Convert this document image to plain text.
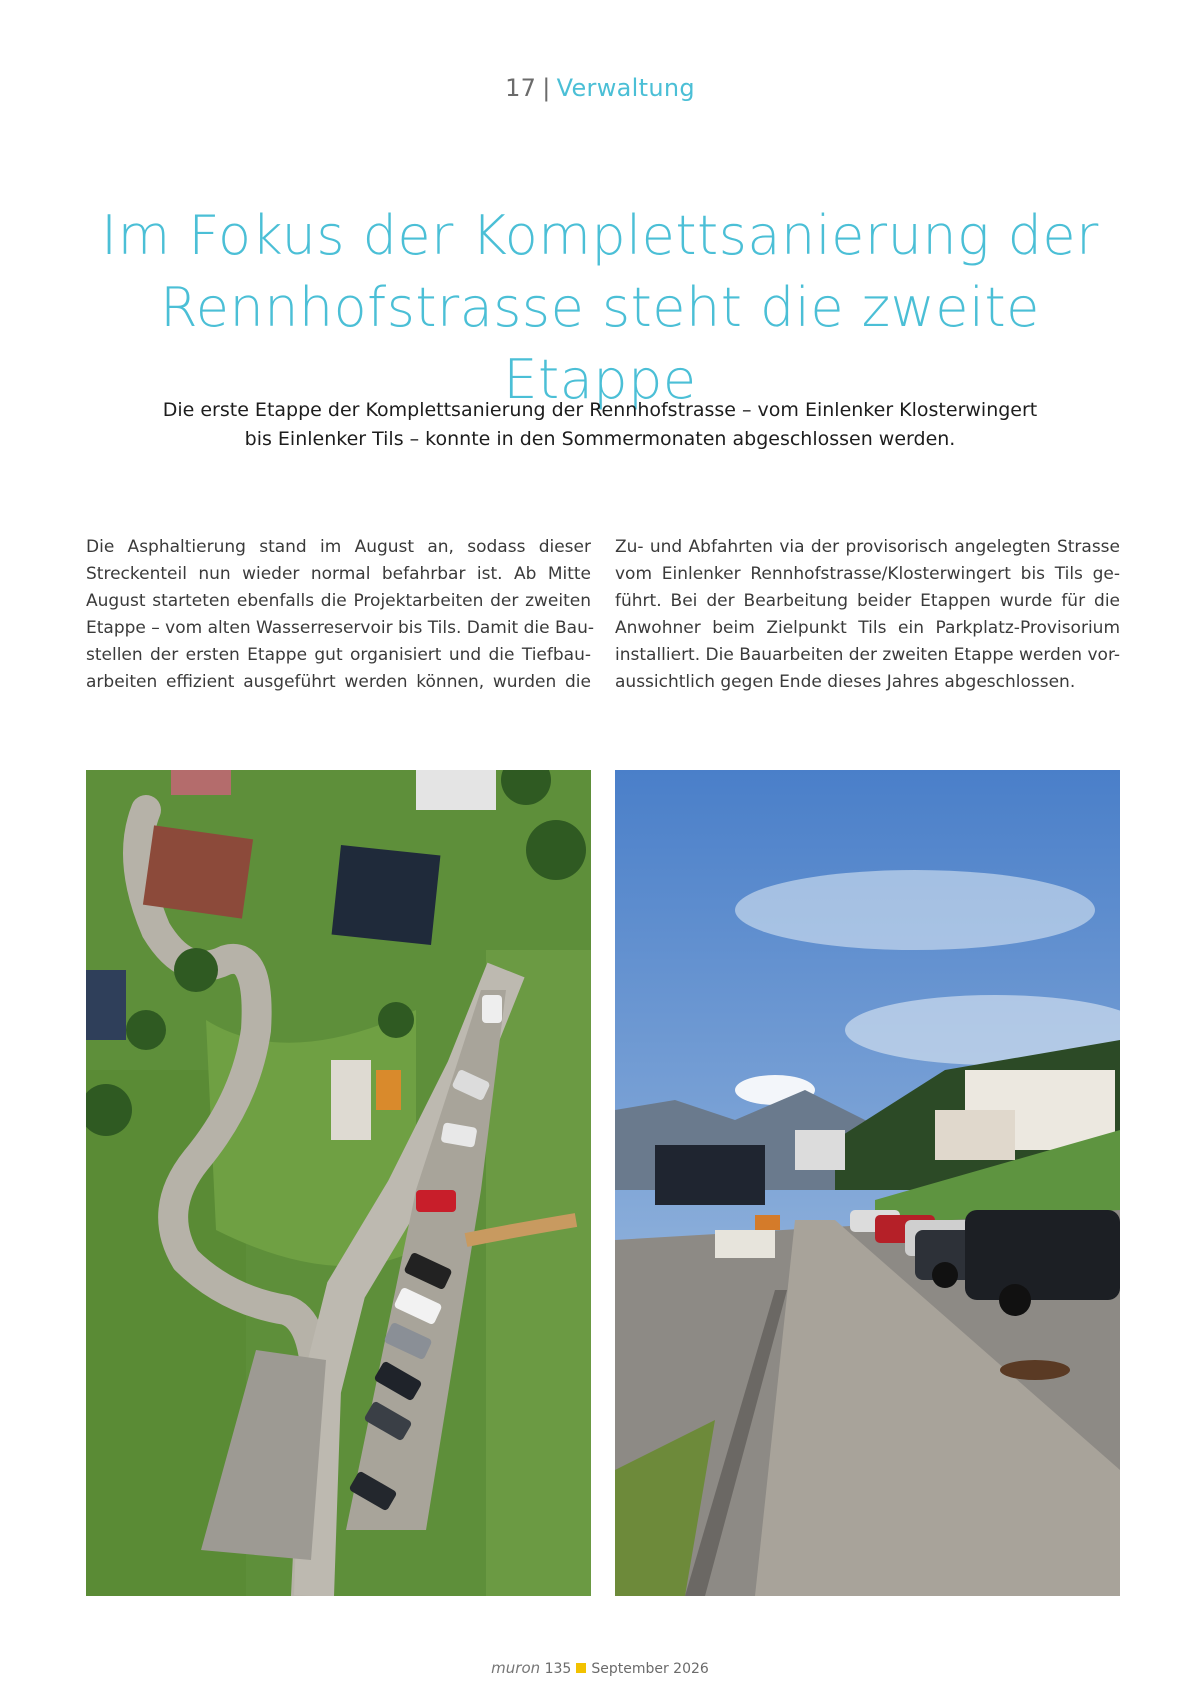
17 | Verwaltung
Im Fokus der Komplettsanierung der
Rennhofstrasse steht die zweite Etappe
Die erste Etappe der Komplettsanierung der Rennhofstrasse – vom Einlenker Klosterwingert
bis Einlenker Tils – konnte in den Sommermonaten abgeschlossen werden.
Die Asphaltierung stand im August an, sodass dieser
Streckenteil nun wieder normal befahrbar ist. Ab Mitte
August starteten ebenfalls die Projektarbeiten der zweiten
Etappe – vom alten Wasserreservoir bis Tils. Damit die Bau-
stellen der ersten Etappe gut organisiert und die Tiefbau-
arbeiten effizient ausgeführt werden können, wurden die
Zu- und Abfahrten via der provisorisch angelegten Strasse
vom Einlenker Rennhofstrasse/Klosterwingert bis Tils ge-
führt. Bei der Bearbeitung beider Etappen wurde für die
Anwohner beim Zielpunkt Tils ein Parkplatz-Provisorium
installiert. Die Bauarbeiten der zweiten Etappe werden vor-
aussichtlich gegen Ende dieses Jahres abgeschlossen.
muron 135 September 2026
